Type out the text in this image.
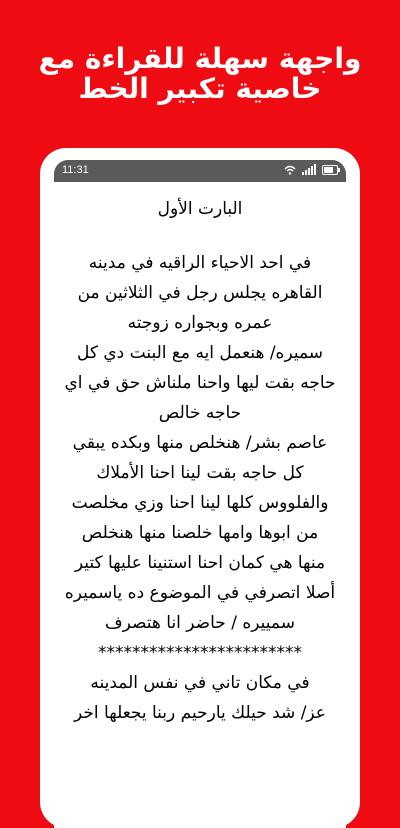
واجهة سهلة للقراءة مع
خاصية تكبير الخط
11:31
البارت الأول
في احد الاحياء الراقيه في مدينه
القاهره يجلس رجل في الثلاثين من
عمره وبجواره زوجته
سميره/ هنعمل ايه مع البنت دي كل
حاجه بقت ليها واحنا ملناش حق في اي
حاجه خالص
عاصم بشر/ هنخلص منها وبكده يبقي
كل حاجه بقت لينا احنا الأملاك
والفلووس كلها لينا احنا وزي مخلصت
من ابوها وامها خلصنا منها هنخلص
منها هي كمان احنا استنينا عليها كتير
أصلا اتصرفي في الموضوع ده ياسميره
سمييره / حاضر انا هتصرف
************************
في مكان تاني في نفس المدينه
عز/ شد حيلك يارحيم ربنا يجعلها اخر
